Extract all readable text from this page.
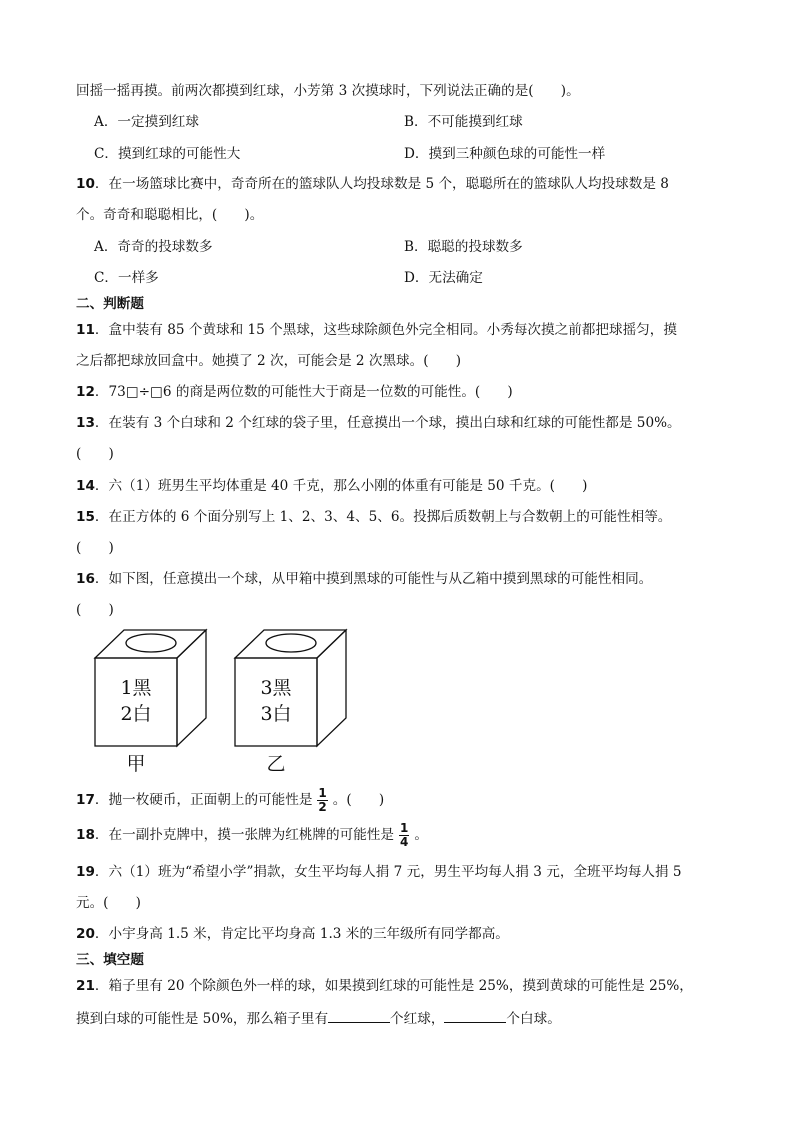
回摇一摇再摸。前两次都摸到红球，小芳第 3 次摸球时，下列说法正确的是(　　)。
A．一定摸到红球	B．不可能摸到红球
C．摸到红球的可能性大	D．摸到三种颜色球的可能性一样
10．在一场篮球比赛中，奇奇所在的篮球队人均投球数是 5 个，聪聪所在的篮球队人均投球数是 8
个。奇奇和聪聪相比，(　　)。
A．奇奇的投球数多	B．聪聪的投球数多
C．一样多	D．无法确定
二、判断题
11．盒中装有 85 个黄球和 15 个黑球，这些球除颜色外完全相同。小秀每次摸之前都把球摇匀，摸
之后都把球放回盒中。她摸了 2 次，可能会是 2 次黑球。(　　)
12．73□÷□6 的商是两位数的可能性大于商是一位数的可能性。(　　)
13．在装有 3 个白球和 2 个红球的袋子里，任意摸出一个球，摸出白球和红球的可能性都是 50%。
(　　)
14．六（1）班男生平均体重是 40 千克，那么小刚的体重有可能是 50 千克。(　　)
15．在正方体的 6 个面分别写上 1、2、3、4、5、6。投掷后质数朝上与合数朝上的可能性相等。
(　　)
16．如下图，任意摸出一个球，从甲箱中摸到黑球的可能性与从乙箱中摸到黑球的可能性相同。
(　　)
1黑
2白
甲
3黑
3白
乙
17．抛一枚硬币，正面朝上的可能性是 $\frac{1}{2}$ 。(　　)
18．在一副扑克牌中，摸一张牌为红桃牌的可能性是 $\frac{1}{4}$ 。
19．六（1）班为“希望小学”捐款，女生平均每人捐 7 元，男生平均每人捐 3 元，全班平均每人捐 5
元。(　　)
20．小宇身高 1.5 米，肯定比平均身高 1.3 米的三年级所有同学都高。
三、填空题
21．箱子里有 20 个除颜色外一样的球，如果摸到红球的可能性是 25%，摸到黄球的可能性是 25%，
摸到白球的可能性是 50%，那么箱子里有	个红球，	个白球。
